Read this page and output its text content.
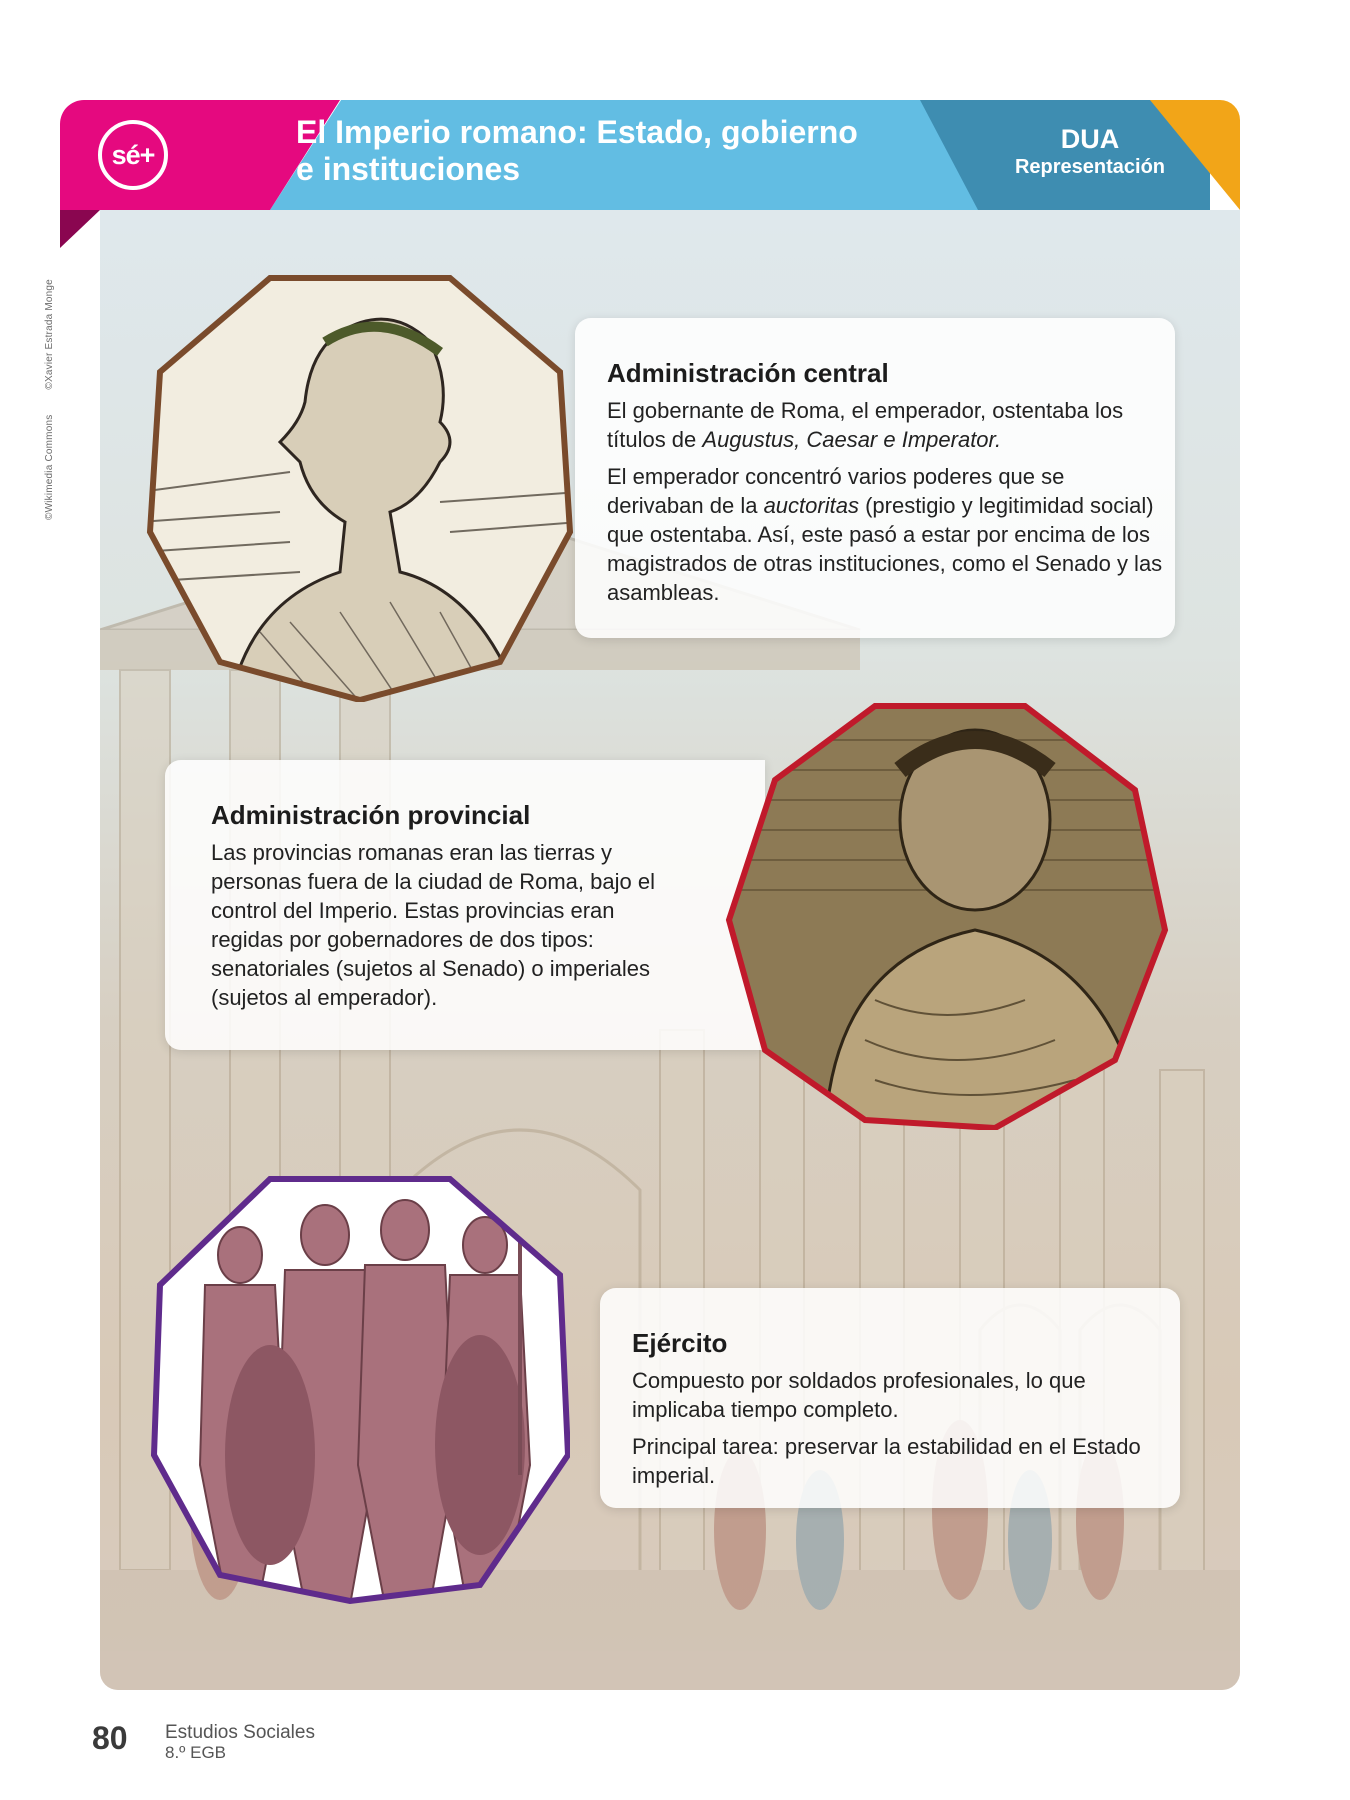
©Wikimedia Commons ©Xavier Estrada Monge
sé+
El Imperio romano: Estado, gobierno
e instituciones
DUA
Representación
Administración central

El gobernante de Roma, el emperador, ostentaba los títulos de Augustus, Caesar e Imperator.

El emperador concentró varios poderes que se derivaban de la auctoritas (prestigio y legitimidad social) que ostentaba. Así, este pasó a estar por encima de los magistrados de otras instituciones, como el Senado y las asambleas.

Administración provincial

Las provincias romanas eran las tierras y personas fuera de la ciudad de Roma, bajo el control del Imperio. Estas provincias eran regidas por gobernadores de dos tipos: senatoriales (sujetos al Senado) o imperiales (sujetos al emperador).

Ejército

Compuesto por soldados profesionales, lo que implicaba tiempo completo.

Principal tarea: preservar la estabilidad en el Estado imperial.

80 Estudios Sociales
8.º EGB
